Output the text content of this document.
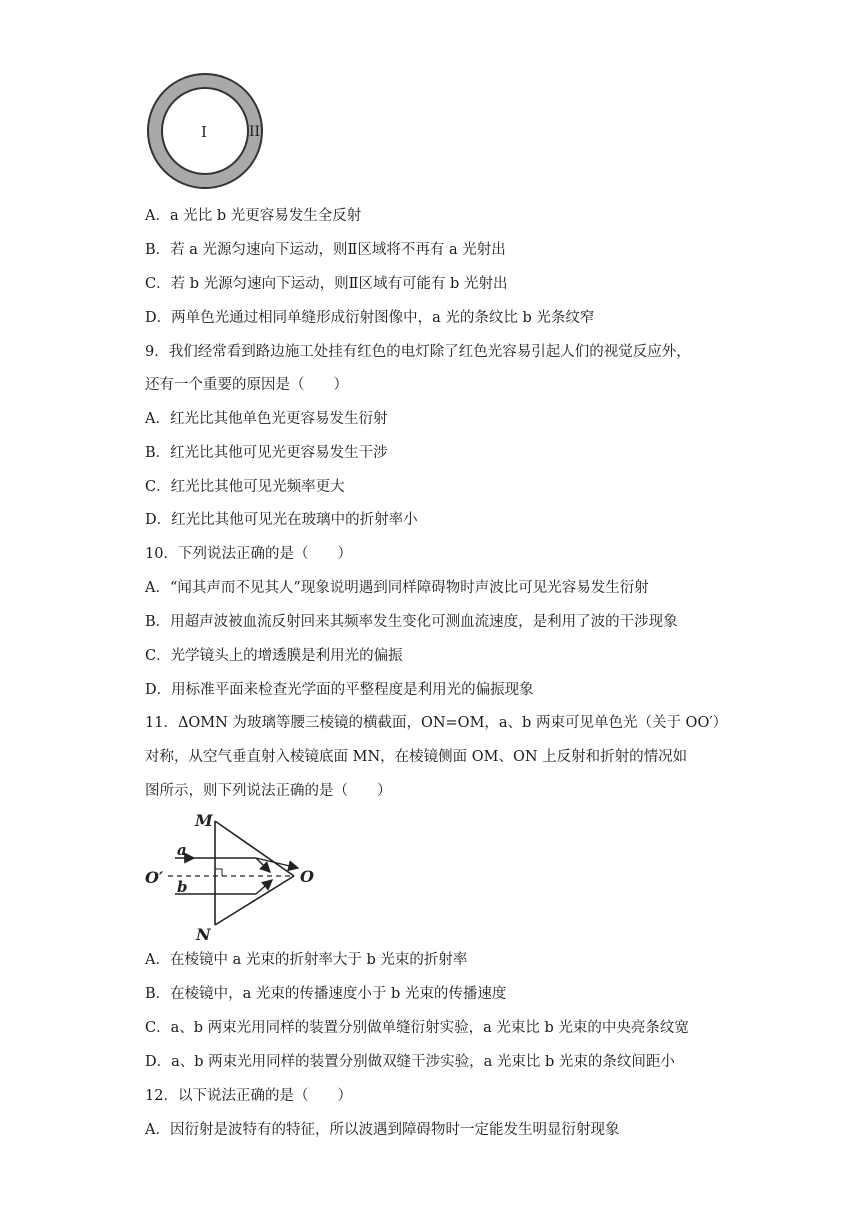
I	II
A．a 光比 b 光更容易发生全反射
B．若 a 光源匀速向下运动，则Ⅱ区域将不再有 a 光射出
C．若 b 光源匀速向下运动，则Ⅱ区域有可能有 b 光射出
D．两单色光通过相同单缝形成衍射图像中，a 光的条纹比 b 光条纹窄
9．我们经常看到路边施工处挂有红色的电灯除了红色光容易引起人们的视觉反应外，
还有一个重要的原因是（　　）
A．红光比其他单色光更容易发生衍射
B．红光比其他可见光更容易发生干涉
C．红光比其他可见光频率更大
D．红光比其他可见光在玻璃中的折射率小
10．下列说法正确的是（　　）
A．“闻其声而不见其人”现象说明遇到同样障碍物时声波比可见光容易发生衍射
B．用超声波被血流反射回来其频率发生变化可测血流速度，是利用了波的干涉现象
C．光学镜头上的增透膜是利用光的偏振
D．用标准平面来检查光学面的平整程度是利用光的偏振现象
11．ΔOMN 为玻璃等腰三棱镜的横截面，ON=OM，a、b 两束可见单色光（关于 OO′）
对称，从空气垂直射入棱镜底面 MN，在棱镜侧面 OM、ON 上反射和折射的情况如
图所示，则下列说法正确的是（　　）
M
N
O
O′
a
b
A．在棱镜中 a 光束的折射率大于 b 光束的折射率
B．在棱镜中，a 光束的传播速度小于 b 光束的传播速度
C．a、b 两束光用同样的装置分别做单缝衍射实验，a 光束比 b 光束的中央亮条纹宽
D．a、b 两束光用同样的装置分别做双缝干涉实验，a 光束比 b 光束的条纹间距小
12．以下说法正确的是（　　）
A．因衍射是波特有的特征，所以波遇到障碍物时一定能发生明显衍射现象
